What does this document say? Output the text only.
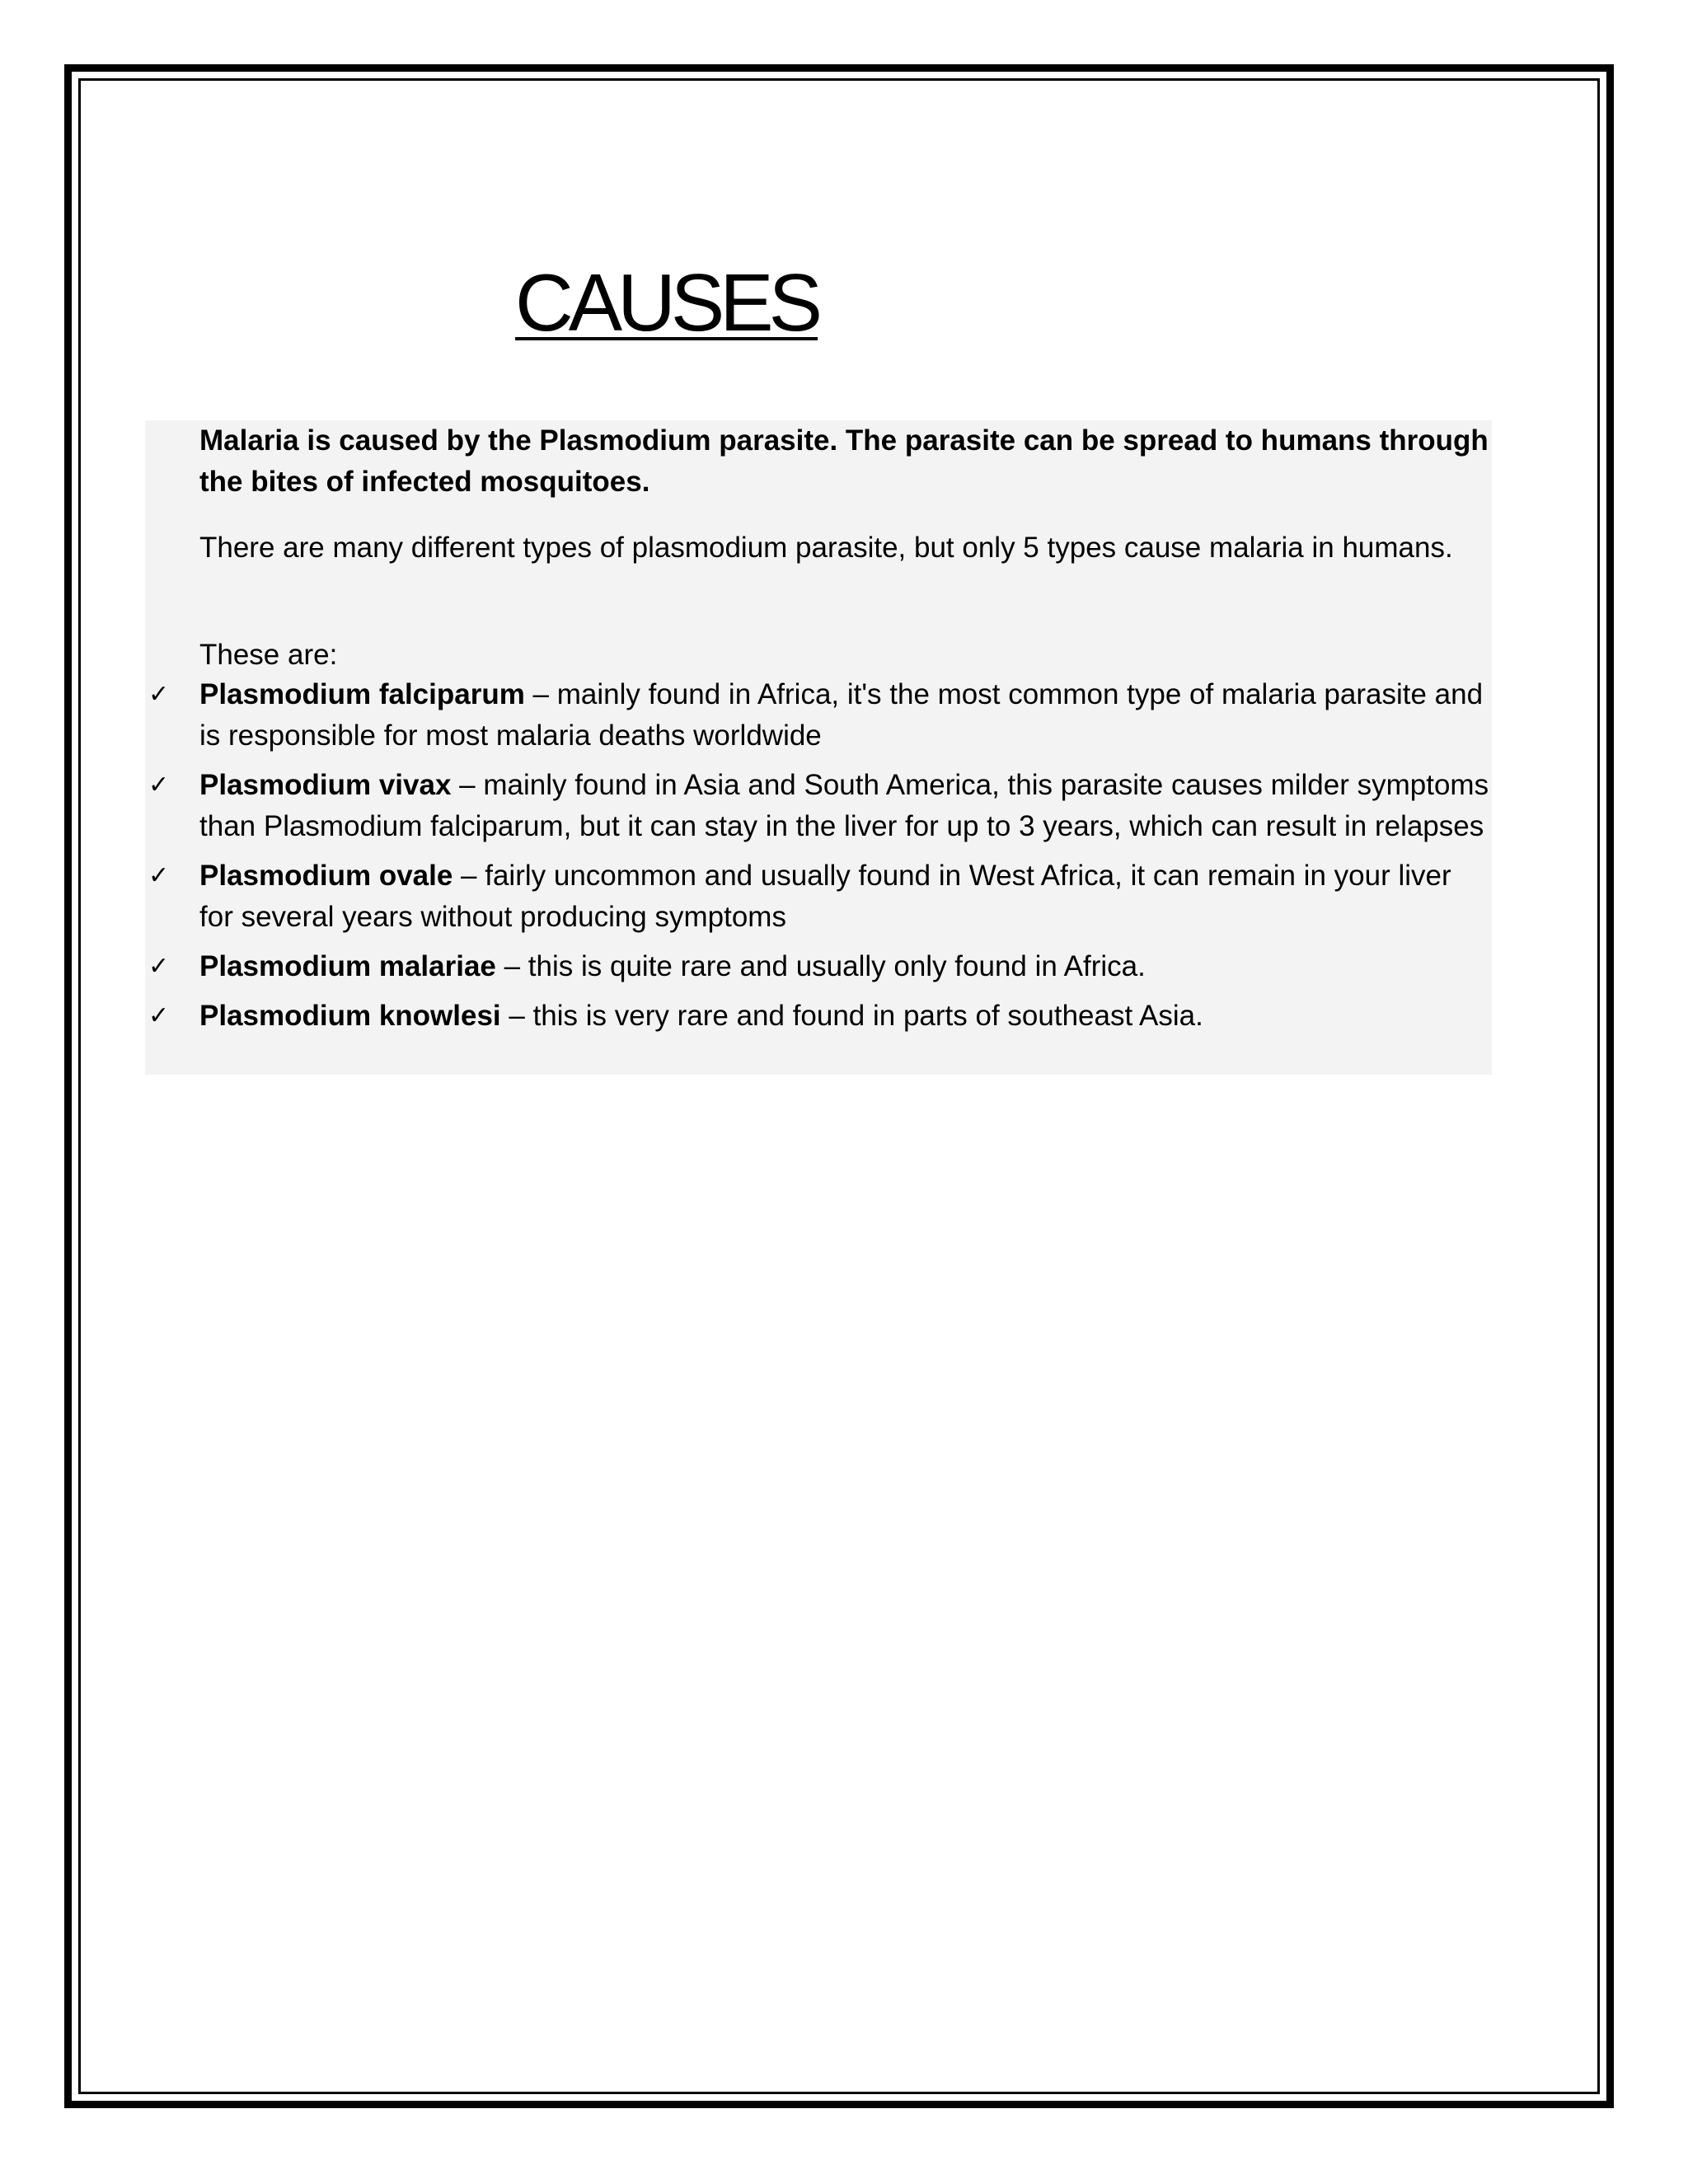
CAUSES

Malaria is caused by the Plasmodium parasite. The parasite can be spread to humans through the bites of infected mosquitoes.

There are many different types of plasmodium parasite, but only 5 types cause malaria in humans.

These are:

✓ Plasmodium falciparum – mainly found in Africa, it's the most common type of malaria parasite and is responsible for most malaria deaths worldwide
✓ Plasmodium vivax – mainly found in Asia and South America, this parasite causes milder symptoms than Plasmodium falciparum, but it can stay in the liver for up to 3 years, which can result in relapses
✓ Plasmodium ovale – fairly uncommon and usually found in West Africa, it can remain in your liver for several years without producing symptoms
✓ Plasmodium malariae – this is quite rare and usually only found in Africa.
✓ Plasmodium knowlesi – this is very rare and found in parts of southeast Asia.
